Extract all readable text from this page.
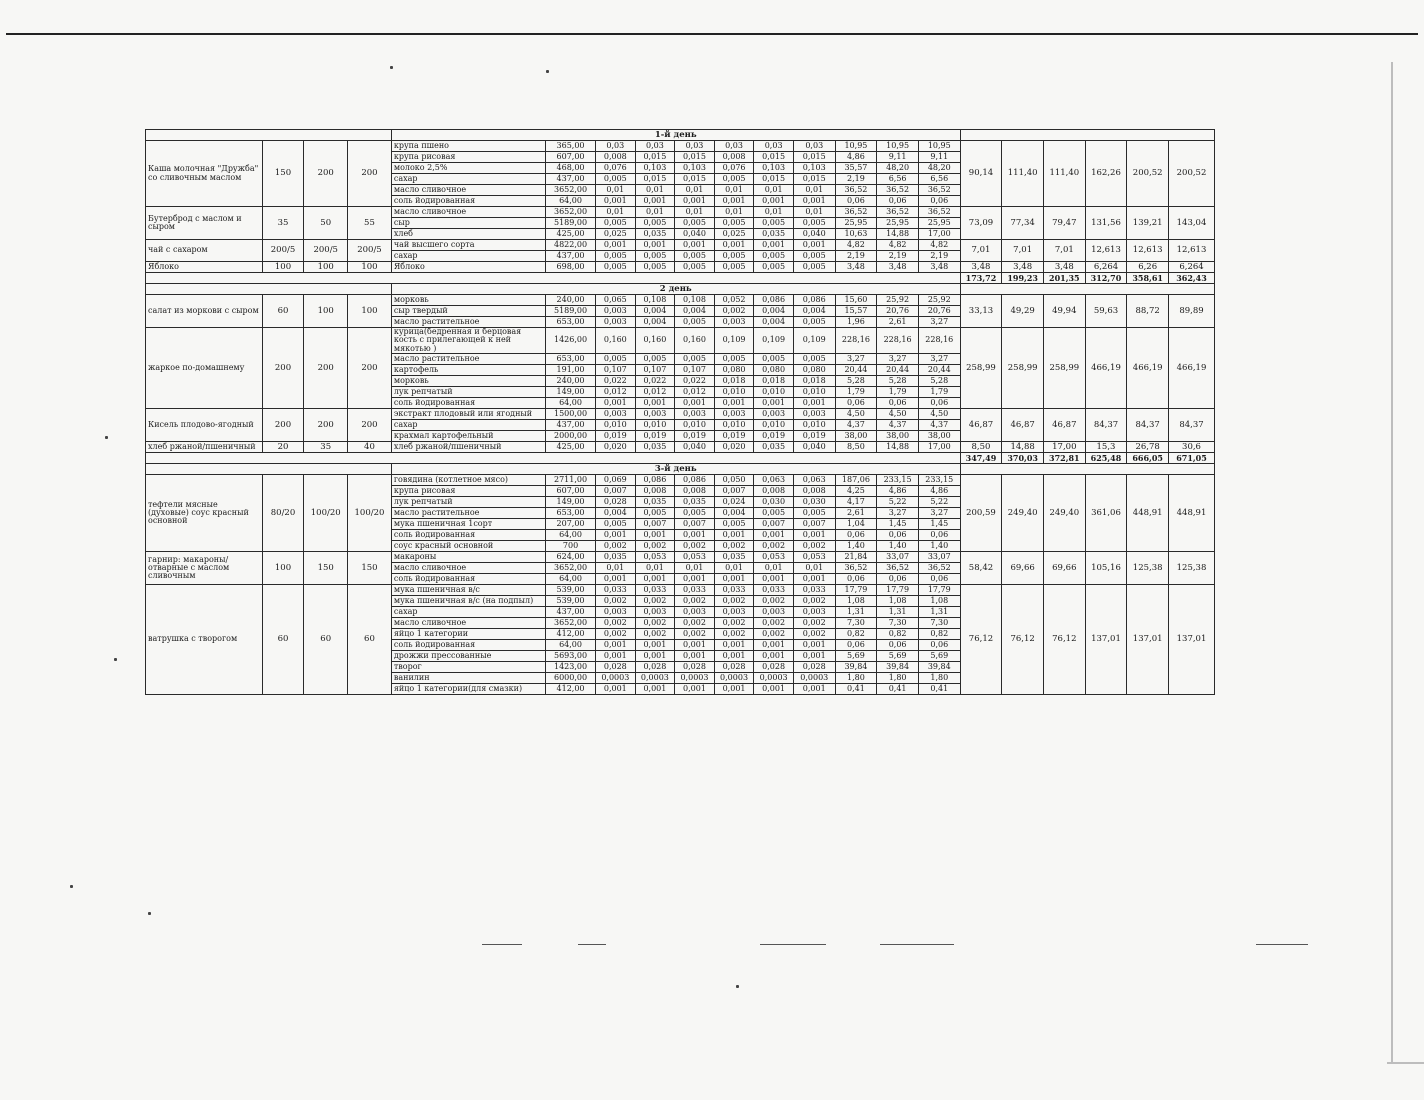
				1-й день																
Каша молочная "Дружба" со сливочным маслом	150	200	200	крупа пшено	365,00	0,03	0,03	0,03	0,03	0,03	0,03	10,95	10,95	10,95	90,14	111,40	111,40	162,26	200,52	200,52
				крупа рисовая	607,00	0,008	0,015	0,015	0,008	0,015	0,015	4,86	9,11	9,11						
				молоко 2,5%	468,00	0,076	0,103	0,103	0,076	0,103	0,103	35,57	48,20	48,20						
				сахар	437,00	0,005	0,015	0,015	0,005	0,015	0,015	2,19	6,56	6,56						
				масло сливочное	3652,00	0,01	0,01	0,01	0,01	0,01	0,01	36,52	36,52	36,52						
				соль йодированная	64,00	0,001	0,001	0,001	0,001	0,001	0,001	0,06	0,06	0,06						
Бутерброд с маслом и сыром	35	50	55	масло сливочное	3652,00	0,01	0,01	0,01	0,01	0,01	0,01	36,52	36,52	36,52	73,09	77,34	79,47	131,56	139,21	143,04
				сыр	5189,00	0,005	0,005	0,005	0,005	0,005	0,005	25,95	25,95	25,95						
				хлеб	425,00	0,025	0,035	0,040	0,025	0,035	0,040	10,63	14,88	17,00						
чай с сахаром	200/5	200/5	200/5	чай высшего сорта	4822,00	0,001	0,001	0,001	0,001	0,001	0,001	4,82	4,82	4,82	7,01	7,01	7,01	12,613	12,613	12,613
				сахар	437,00	0,005	0,005	0,005	0,005	0,005	0,005	2,19	2,19	2,19						
Яблоко	100	100	100	Яблоко	698,00	0,005	0,005	0,005	0,005	0,005	0,005	3,48	3,48	3,48	3,48	3,48	3,48	6,264	6,26	6,264
															173,72	199,23	201,35	312,70	358,61	362,43
				2 день																
салат из моркови с сыром	60	100	100	морковь	240,00	0,065	0,108	0,108	0,052	0,086	0,086	15,60	25,92	25,92	33,13	49,29	49,94	59,63	88,72	89,89
				сыр твердый	5189,00	0,003	0,004	0,004	0,002	0,004	0,004	15,57	20,76	20,76						
				масло растительное	653,00	0,003	0,004	0,005	0,003	0,004	0,005	1,96	2,61	3,27						
жаркое по-домашнему	200	200	200	курица(бедренная и берцовая кость с прилегающей к ней мякотью )	1426,00	0,160	0,160	0,160	0,109	0,109	0,109	228,16	228,16	228,16	258,99	258,99	258,99	466,19	466,19	466,19
				масло растительное	653,00	0,005	0,005	0,005	0,005	0,005	0,005	3,27	3,27	3,27						
				картофель	191,00	0,107	0,107	0,107	0,080	0,080	0,080	20,44	20,44	20,44						
				морковь	240,00	0,022	0,022	0,022	0,018	0,018	0,018	5,28	5,28	5,28						
				лук репчатый	149,00	0,012	0,012	0,012	0,010	0,010	0,010	1,79	1,79	1,79						
				соль йодированная	64,00	0,001	0,001	0,001	0,001	0,001	0,001	0,06	0,06	0,06						
Кисель плодово-ягодный	200	200	200	экстракт плодовый или ягодный	1500,00	0,003	0,003	0,003	0,003	0,003	0,003	4,50	4,50	4,50	46,87	46,87	46,87	84,37	84,37	84,37
				сахар	437,00	0,010	0,010	0,010	0,010	0,010	0,010	4,37	4,37	4,37						
				крахмал картофельный	2000,00	0,019	0,019	0,019	0,019	0,019	0,019	38,00	38,00	38,00						
хлеб ржаной/пшеничный	20	35	40	хлеб ржаной/пшеничный	425,00	0,020	0,035	0,040	0,020	0,035	0,040	8,50	14,88	17,00	8,50	14,88	17,00	15,3	26,78	30,6
															347,49	370,03	372,81	625,48	666,05	671,05
				3-й день																
тефтели мясные (духовые) соус красный основной	80/20	100/20	100/20	говядина (котлетное мясо)	2711,00	0,069	0,086	0,086	0,050	0,063	0,063	187,06	233,15	233,15	200,59	249,40	249,40	361,06	448,91	448,91
				крупа рисовая	607,00	0,007	0,008	0,008	0,007	0,008	0,008	4,25	4,86	4,86						
				лук репчатый	149,00	0,028	0,035	0,035	0,024	0,030	0,030	4,17	5,22	5,22						
				масло растительное	653,00	0,004	0,005	0,005	0,004	0,005	0,005	2,61	3,27	3,27						
				мука пшеничная 1сорт	207,00	0,005	0,007	0,007	0,005	0,007	0,007	1,04	1,45	1,45						
				соль йодированная	64,00	0,001	0,001	0,001	0,001	0,001	0,001	0,06	0,06	0,06						
				соус красный основной	700	0,002	0,002	0,002	0,002	0,002	0,002	1,40	1,40	1,40						
гарнир: макароны/отварные с маслом сливочным	100	150	150	макароны	624,00	0,035	0,053	0,053	0,035	0,053	0,053	21,84	33,07	33,07	58,42	69,66	69,66	105,16	125,38	125,38
				масло сливочное	3652,00	0,01	0,01	0,01	0,01	0,01	0,01	36,52	36,52	36,52						
				соль йодированная	64,00	0,001	0,001	0,001	0,001	0,001	0,001	0,06	0,06	0,06						
ватрушка с творогом	60	60	60	мука пшеничная в/с	539,00	0,033	0,033	0,033	0,033	0,033	0,033	17,79	17,79	17,79	76,12	76,12	76,12	137,01	137,01	137,01
				мука пшеничная в/с (на подпыл)	539,00	0,002	0,002	0,002	0,002	0,002	0,002	1,08	1,08	1,08						
				сахар	437,00	0,003	0,003	0,003	0,003	0,003	0,003	1,31	1,31	1,31						
				масло сливочное	3652,00	0,002	0,002	0,002	0,002	0,002	0,002	7,30	7,30	7,30						
				яйцо 1 категории	412,00	0,002	0,002	0,002	0,002	0,002	0,002	0,82	0,82	0,82						
				соль йодированная	64,00	0,001	0,001	0,001	0,001	0,001	0,001	0,06	0,06	0,06						
				дрожжи прессованные	5693,00	0,001	0,001	0,001	0,001	0,001	0,001	5,69	5,69	5,69						
				творог	1423,00	0,028	0,028	0,028	0,028	0,028	0,028	39,84	39,84	39,84						
				ванилин	6000,00	0,0003	0,0003	0,0003	0,0003	0,0003	0,0003	1,80	1,80	1,80						
				яйцо 1 категории(для смазки)	412,00	0,001	0,001	0,001	0,001	0,001	0,001	0,41	0,41	0,41						
